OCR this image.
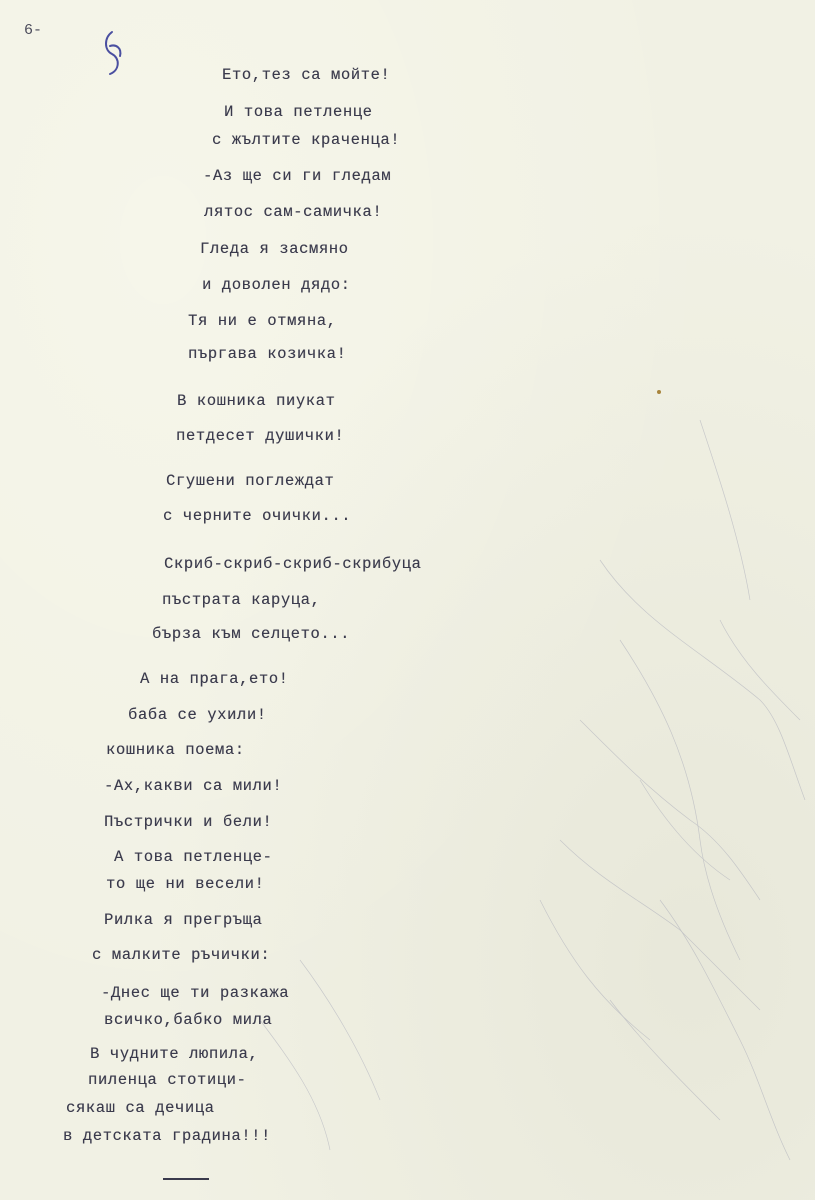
6-
Ето,тез са мойте!
И това петленце
с жълтите краченца!
-Аз ще си ги гледам
лятос сам-самичка!
Гледа я засмяно
и доволен дядо:
Тя ни е отмяна,
пъргава козичка!
В кошника пиукат
петдесет душички!
Сгушени поглеждат
с черните очички...
Скриб-скриб-скриб-скрибуца
пъстрата каруца,
бърза към селцето...
А на прага,ето!
баба се ухили!
кошника поема:
-Ах,какви са мили!
Пъстрички и бели!
А това петленце-
то ще ни весели!
Рилка я прегръща
с малките ръчички:
-Днес ще ти разкажа
всичко,бабко мила
В чудните люпила,
пиленца стотици-
сякаш са дечица
в детската градина!!!
